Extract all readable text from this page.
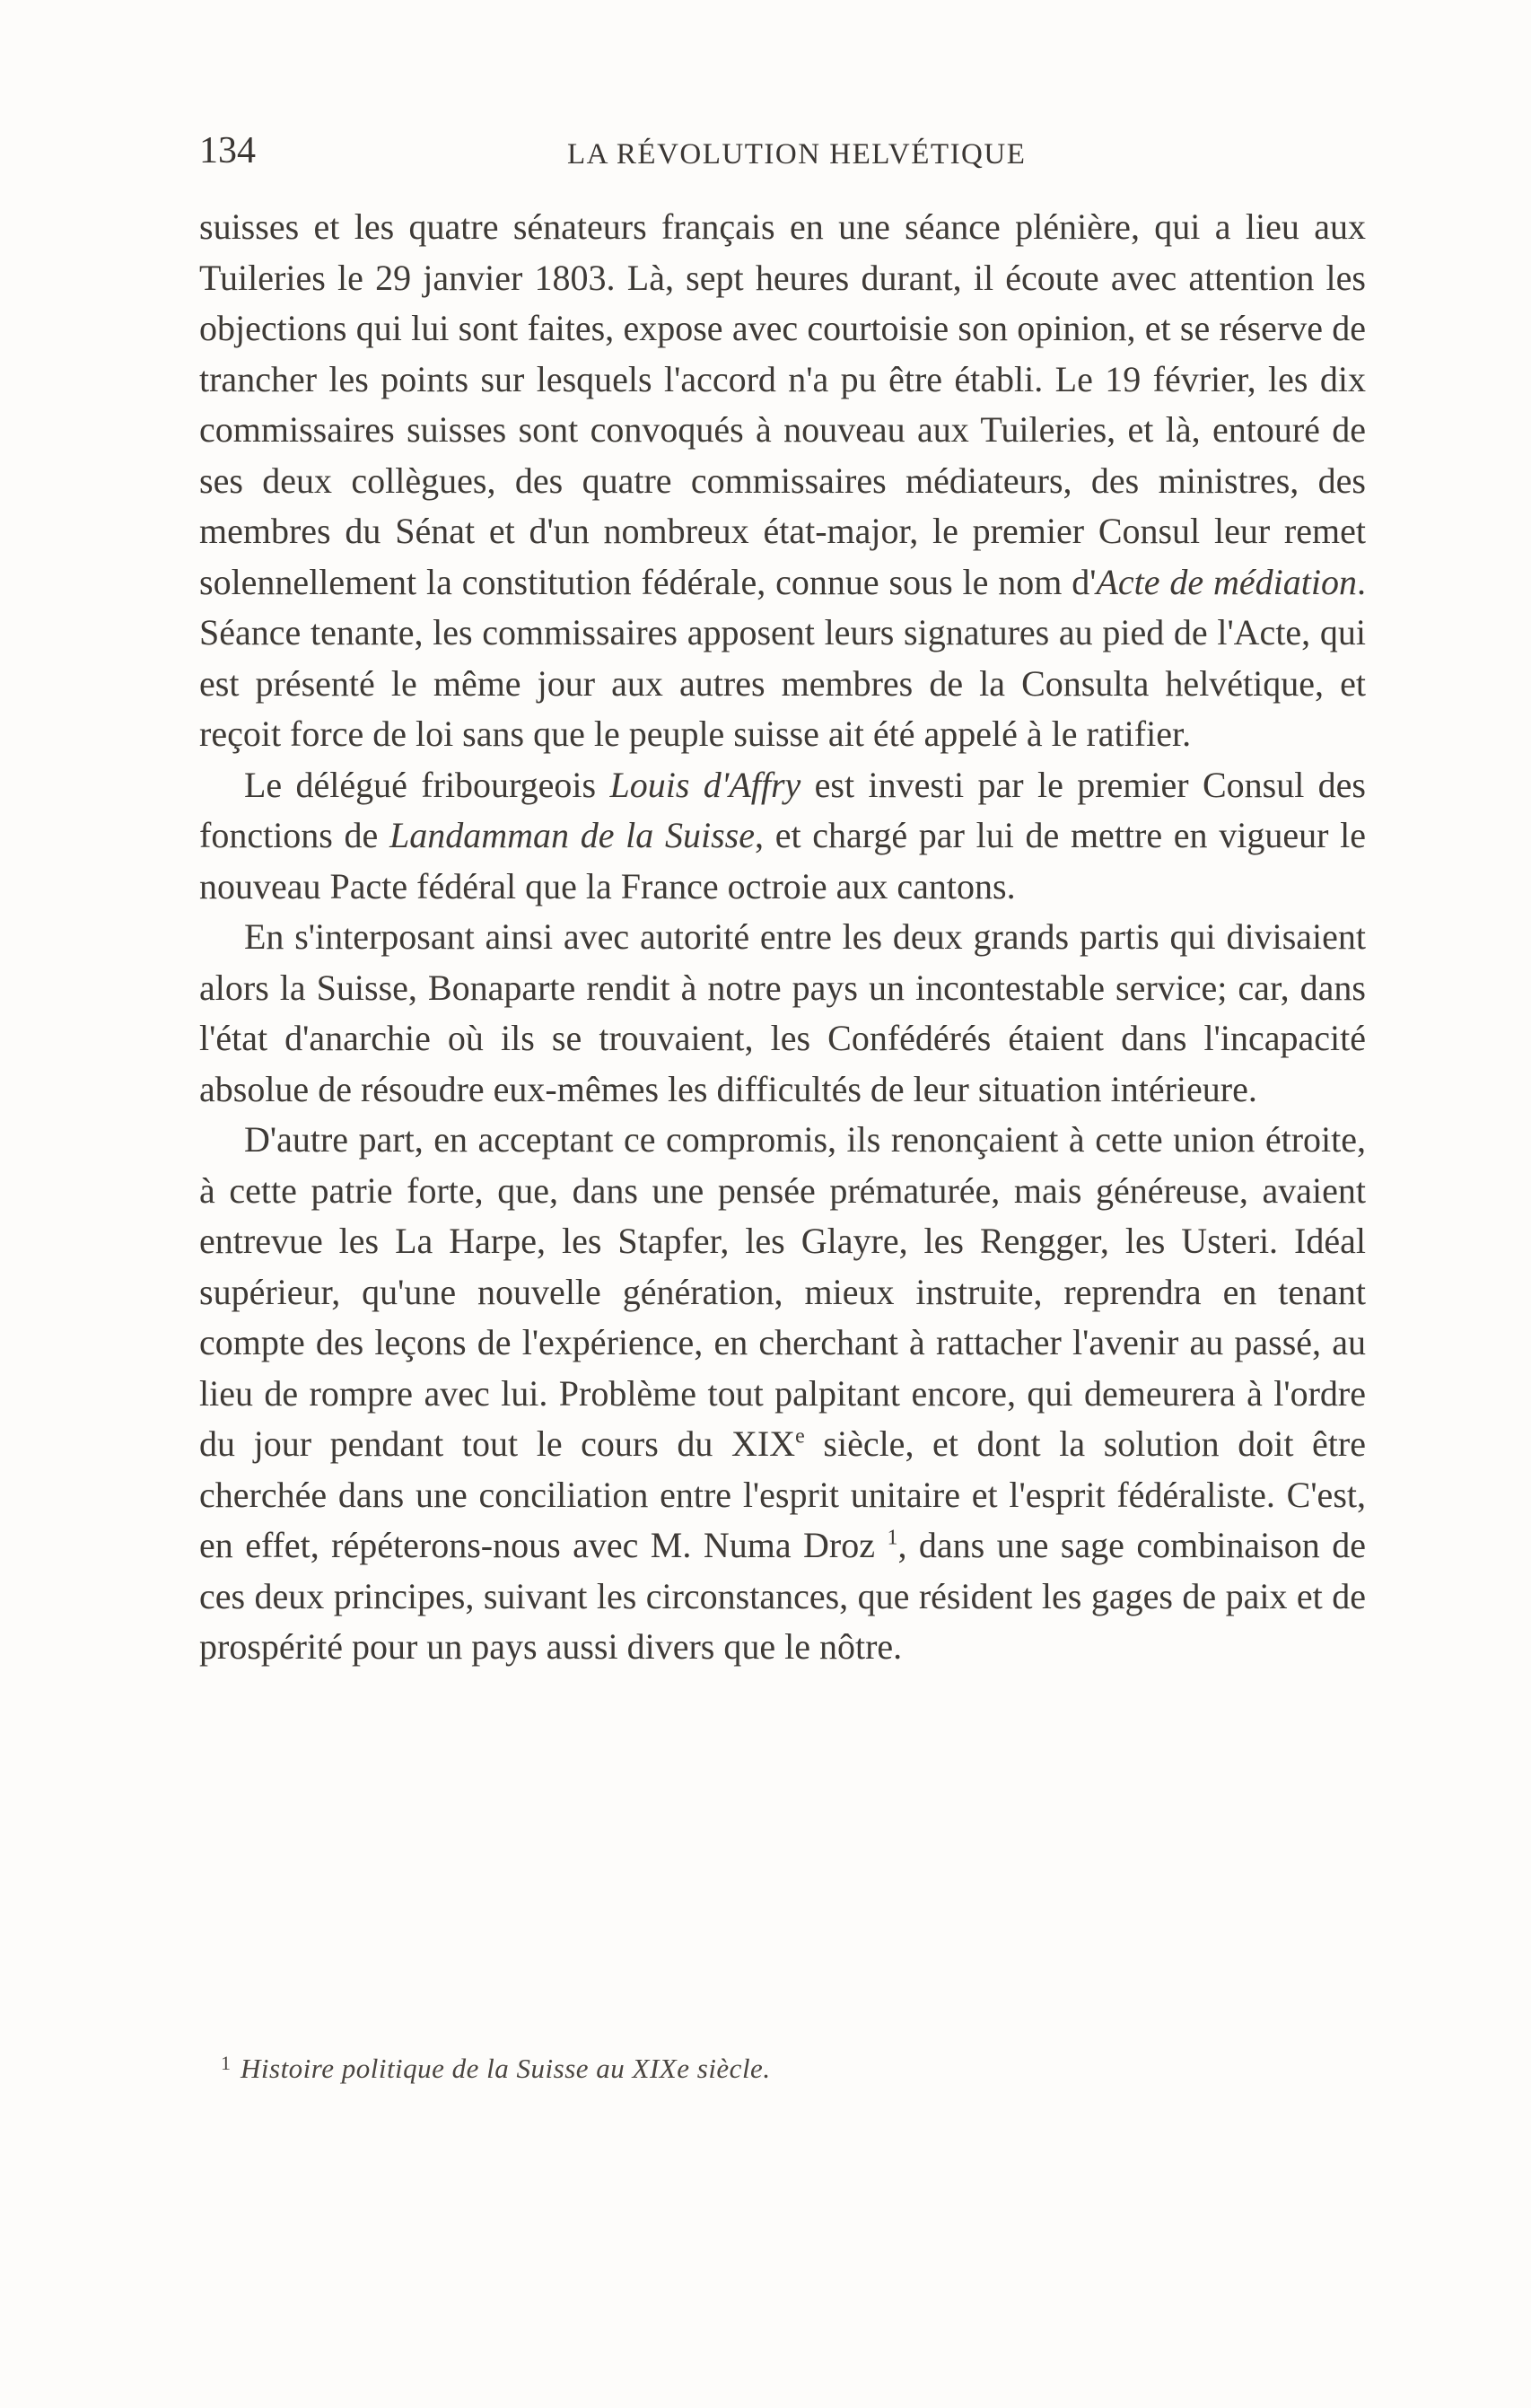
134	LA RÉVOLUTION HELVÉTIQUE

suisses et les quatre sénateurs français en une séance plénière, qui a lieu aux Tuileries le 29 janvier 1803. Là, sept heures durant, il écoute avec attention les objections qui lui sont faites, expose avec courtoisie son opinion, et se réserve de trancher les points sur lesquels l'accord n'a pu être établi. Le 19 février, les dix commissaires suisses sont convoqués à nouveau aux Tuileries, et là, entouré de ses deux collègues, des quatre commissaires médiateurs, des ministres, des membres du Sénat et d'un nombreux état-major, le premier Consul leur remet solennellement la constitution fédérale, connue sous le nom d'Acte de médiation. Séance tenante, les commissaires apposent leurs signatures au pied de l'Acte, qui est présenté le même jour aux autres membres de la Consulta helvétique, et reçoit force de loi sans que le peuple suisse ait été appelé à le ratifier.

Le délégué fribourgeois Louis d'Affry est investi par le premier Consul des fonctions de Landamman de la Suisse, et chargé par lui de mettre en vigueur le nouveau Pacte fédéral que la France octroie aux cantons.

En s'interposant ainsi avec autorité entre les deux grands partis qui divisaient alors la Suisse, Bonaparte rendit à notre pays un incontestable service; car, dans l'état d'anarchie où ils se trouvaient, les Confédérés étaient dans l'incapacité absolue de résoudre eux-mêmes les difficultés de leur situation intérieure.

D'autre part, en acceptant ce compromis, ils renonçaient à cette union étroite, à cette patrie forte, que, dans une pensée prématurée, mais généreuse, avaient entrevue les La Harpe, les Stapfer, les Glayre, les Rengger, les Usteri. Idéal supérieur, qu'une nouvelle génération, mieux instruite, reprendra en tenant compte des leçons de l'expérience, en cherchant à rattacher l'avenir au passé, au lieu de rompre avec lui. Problème tout palpitant encore, qui demeurera à l'ordre du jour pendant tout le cours du XIXe siècle, et dont la solution doit être cherchée dans une conciliation entre l'esprit unitaire et l'esprit fédéraliste. C'est, en effet, répéterons-nous avec M. Numa Droz $^1$, dans une sage combinaison de ces deux principes, suivant les circonstances, que résident les gages de paix et de prospérité pour un pays aussi divers que le nôtre.

1 Histoire politique de la Suisse au XIXe siècle.
